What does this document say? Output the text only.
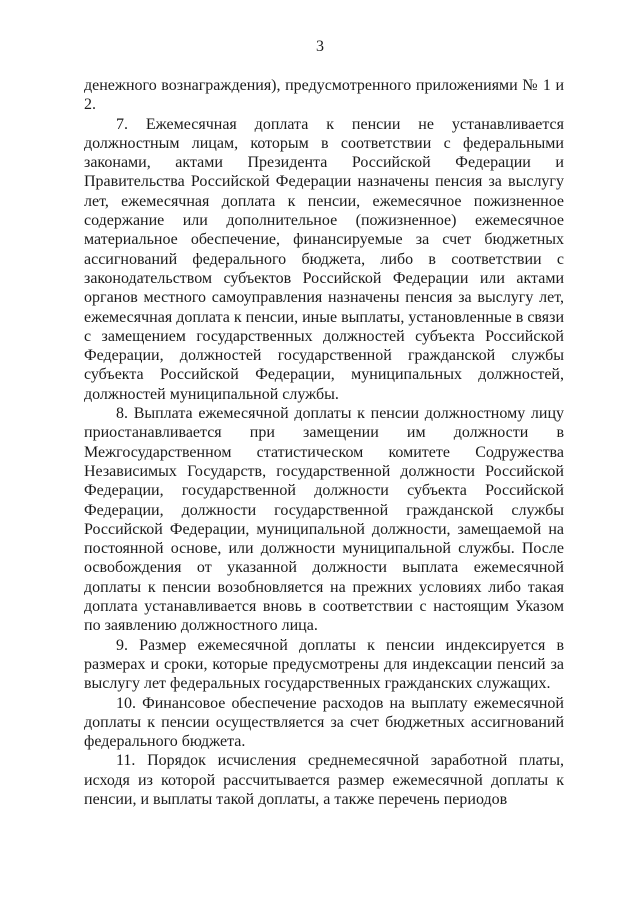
3

денежного вознаграждения), предусмотренного приложениями № 1 и 2.

7. Ежемесячная доплата к пенсии не устанавливается должностным лицам, которым в соответствии с федеральными законами, актами Президента Российской Федерации и Правительства Российской Федерации назначены пенсия за выслугу лет, ежемесячная доплата к пенсии, ежемесячное пожизненное содержание или дополнительное (пожизненное) ежемесячное материальное обеспечение, финансируемые за счет бюджетных ассигнований федерального бюджета, либо в соответствии с законодательством субъектов Российской Федерации или актами органов местного самоуправления назначены пенсия за выслугу лет, ежемесячная доплата к пенсии, иные выплаты, установленные в связи с замещением государственных должностей субъекта Российской Федерации, должностей государственной гражданской службы субъекта Российской Федерации, муниципальных должностей, должностей муниципальной службы.

8. Выплата ежемесячной доплаты к пенсии должностному лицу приостанавливается при замещении им должности в Межгосударственном статистическом комитете Содружества Независимых Государств, государственной должности Российской Федерации, государственной должности субъекта Российской Федерации, должности государственной гражданской службы Российской Федерации, муниципальной должности, замещаемой на постоянной основе, или должности муниципальной службы. После освобождения от указанной должности выплата ежемесячной доплаты к пенсии возобновляется на прежних условиях либо такая доплата устанавливается вновь в соответствии с настоящим Указом по заявлению должностного лица.

9. Размер ежемесячной доплаты к пенсии индексируется в размерах и сроки, которые предусмотрены для индексации пенсий за выслугу лет федеральных государственных гражданских служащих.

10. Финансовое обеспечение расходов на выплату ежемесячной доплаты к пенсии осуществляется за счет бюджетных ассигнований федерального бюджета.

11. Порядок исчисления среднемесячной заработной платы, исходя из которой рассчитывается размер ежемесячной доплаты к пенсии, и выплаты такой доплаты, а также перечень периодов
